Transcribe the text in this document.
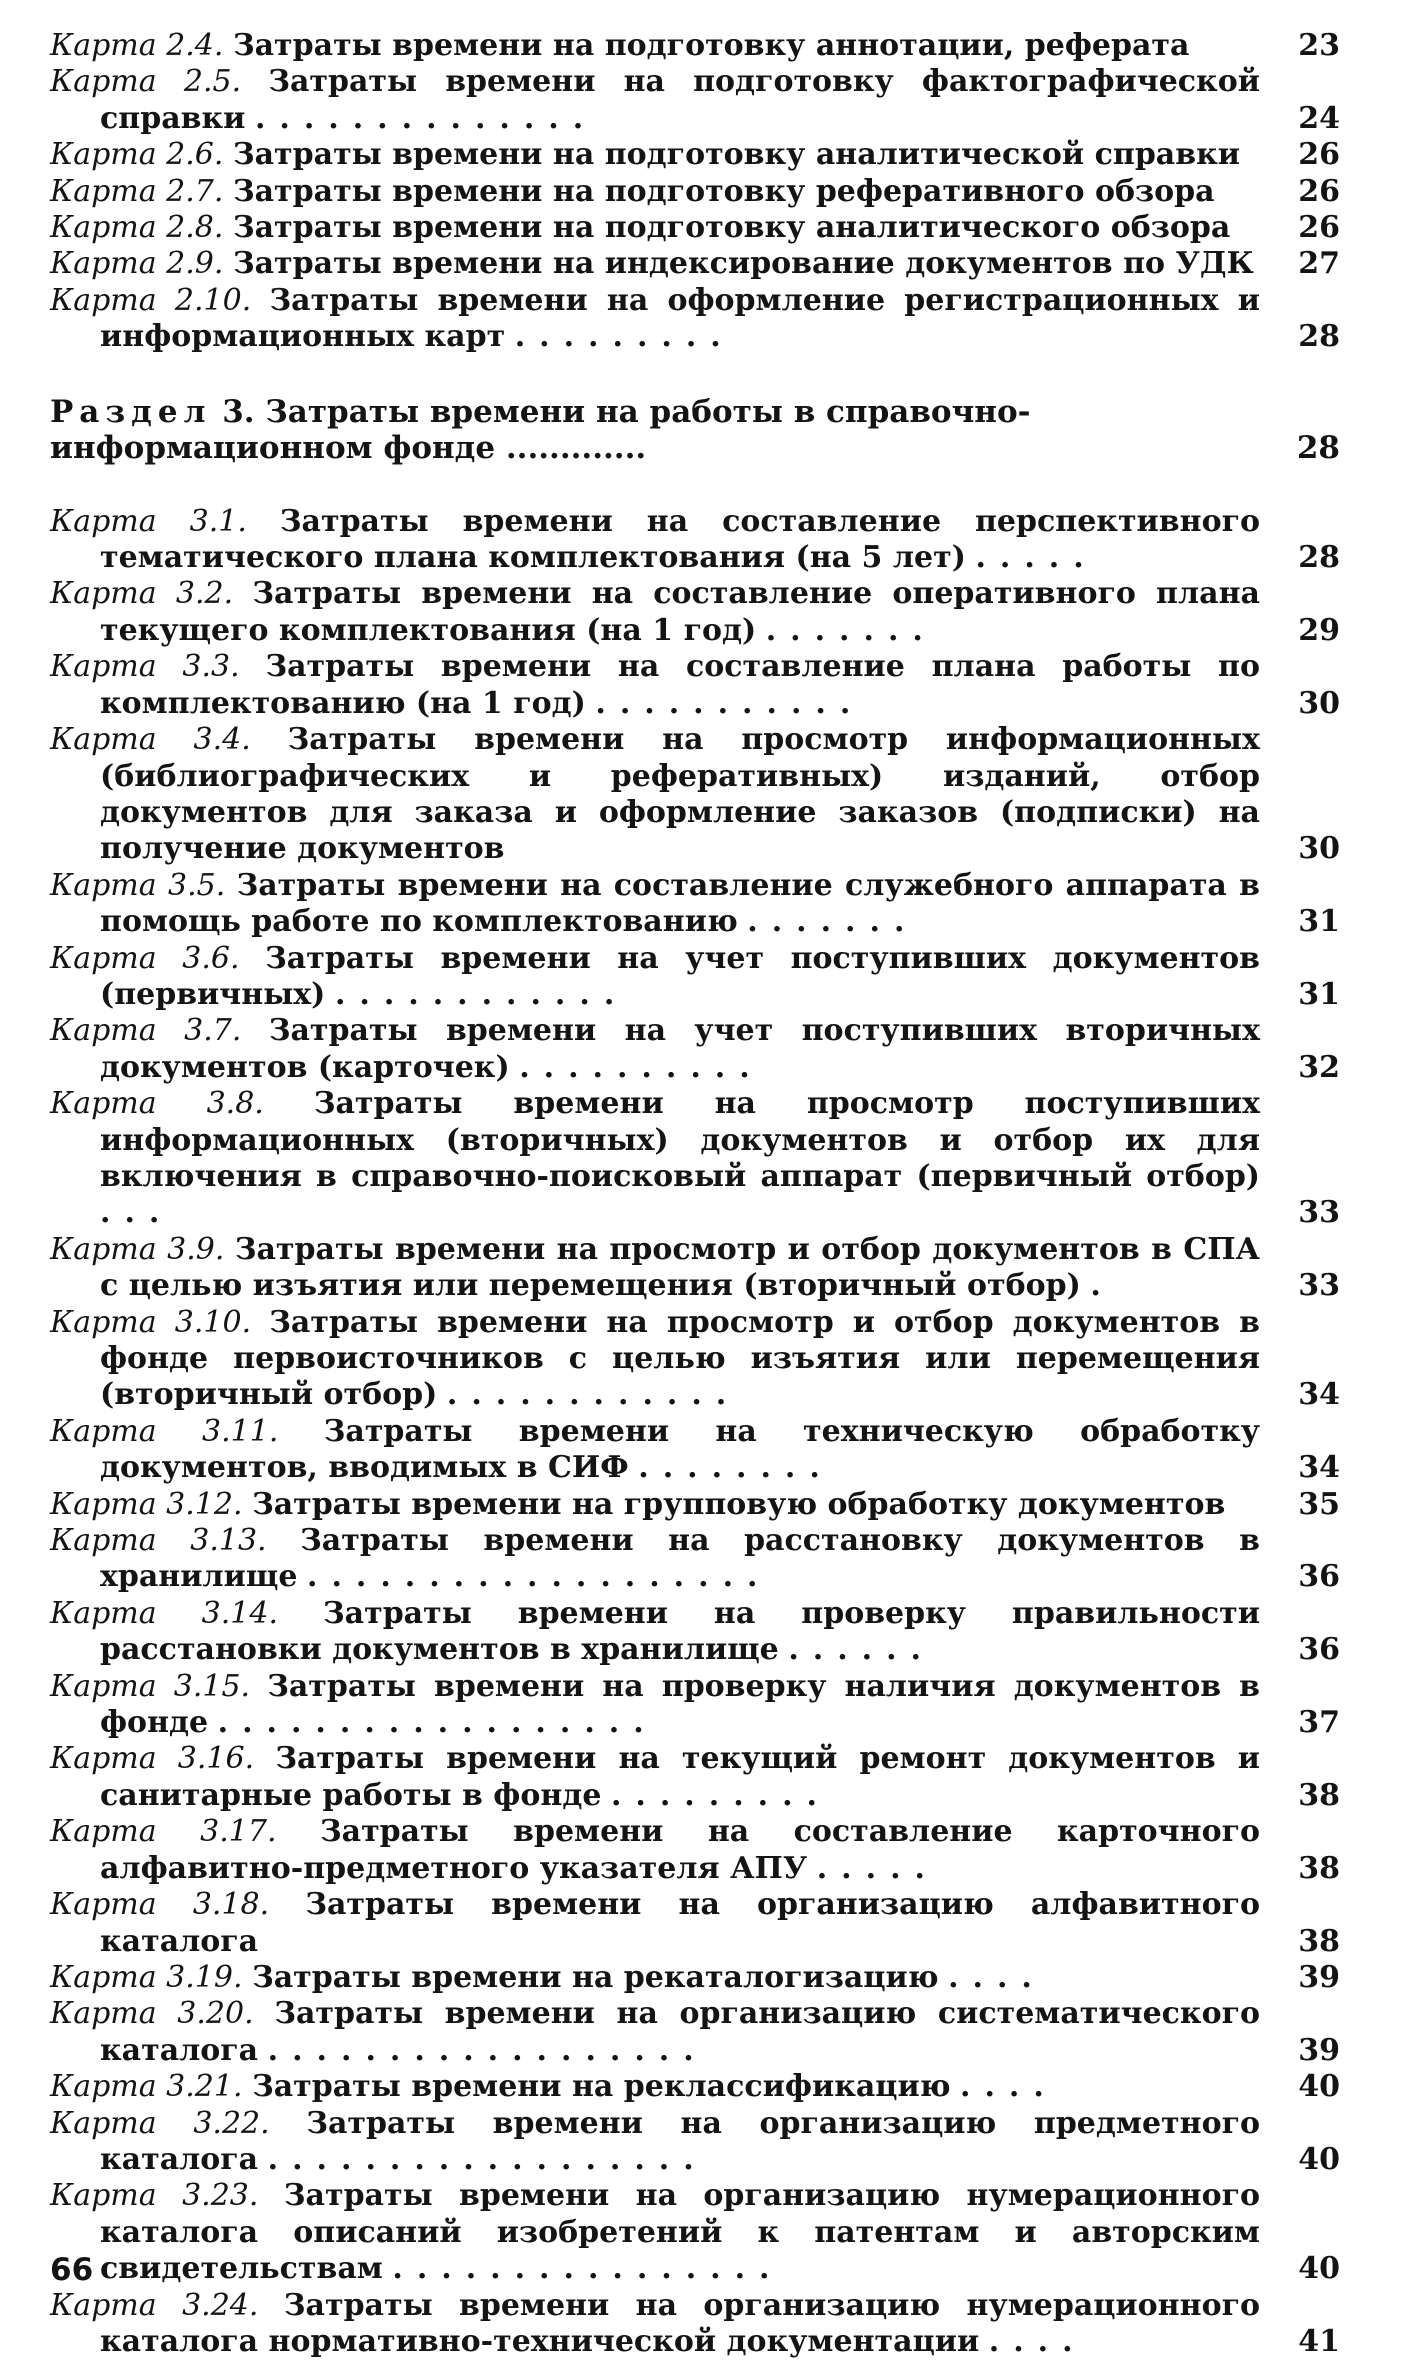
Карта 2.4. Затраты времени на подготовку аннотации, реферата	23
Карта 2.5. Затраты времени на подготовку фактографической справки ..............	24
Карта 2.6. Затраты времени на подготовку аналитической справки	26
Карта 2.7. Затраты времени на подготовку реферативного обзора	26
Карта 2.8. Затраты времени на подготовку аналитического обзора	26
Карта 2.9. Затраты времени на индексирование документов по УДК	27
Карта 2.10. Затраты времени на оформление регистрационных и информационных карт .........	28
Раздел 3. Затраты времени на работы в справочно-информационном фонде .............	28
Карта 3.1. Затраты времени на составление перспективного тематического плана комплектования (на 5 лет) .....	28
Карта 3.2. Затраты времени на составление оперативного плана текущего комплектования (на 1 год) .......	29
Карта 3.3. Затраты времени на составление плана работы по комплектованию (на 1 год) ...........	30
Карта 3.4. Затраты времени на просмотр информационных (библиографических и реферативных) изданий, отбор документов для заказа и оформление заказов (подписки) на получение документов	30
Карта 3.5. Затраты времени на составление служебного аппарата в помощь работе по комплектованию .......	31
Карта 3.6. Затраты времени на учет поступивших документов (первичных) ............	31
Карта 3.7. Затраты времени на учет поступивших вторичных документов (карточек) ..........	32
Карта 3.8. Затраты времени на просмотр поступивших информационных (вторичных) документов и отбор их для включения в справочно-поисковый аппарат (первичный отбор) ...	33
Карта 3.9. Затраты времени на просмотр и отбор документов в СПА с целью изъятия или перемещения (вторичный отбор) .	33
Карта 3.10. Затраты времени на просмотр и отбор документов в фонде первоисточников с целью изъятия или перемещения (вторичный отбор) ............	34
Карта 3.11. Затраты времени на техническую обработку документов, вводимых в СИФ ........	34
Карта 3.12. Затраты времени на групповую обработку документов	35
Карта 3.13. Затраты времени на расстановку документов в хранилище ...................	36
Карта 3.14. Затраты времени на проверку правильности расстановки документов в хранилище ......	36
Карта 3.15. Затраты времени на проверку наличия документов в фонде ..................	37
Карта 3.16. Затраты времени на текущий ремонт документов и санитарные работы в фонде .........	38
Карта 3.17. Затраты времени на составление карточного алфавитно-предметного указателя АПУ .....	38
Карта 3.18. Затраты времени на организацию алфавитного каталога	38
Карта 3.19. Затраты времени на рекаталогизацию ....	39
Карта 3.20. Затраты времени на организацию систематического каталога ..................	39
Карта 3.21. Затраты времени на реклассификацию ....	40
Карта 3.22. Затраты времени на организацию предметного каталога ..................	40
Карта 3.23. Затраты времени на организацию нумерационного каталога описаний изобретений к патентам и авторским свидетельствам ................	40
Карта 3.24. Затраты времени на организацию нумерационного каталога нормативно-технической документации ....	41
66
